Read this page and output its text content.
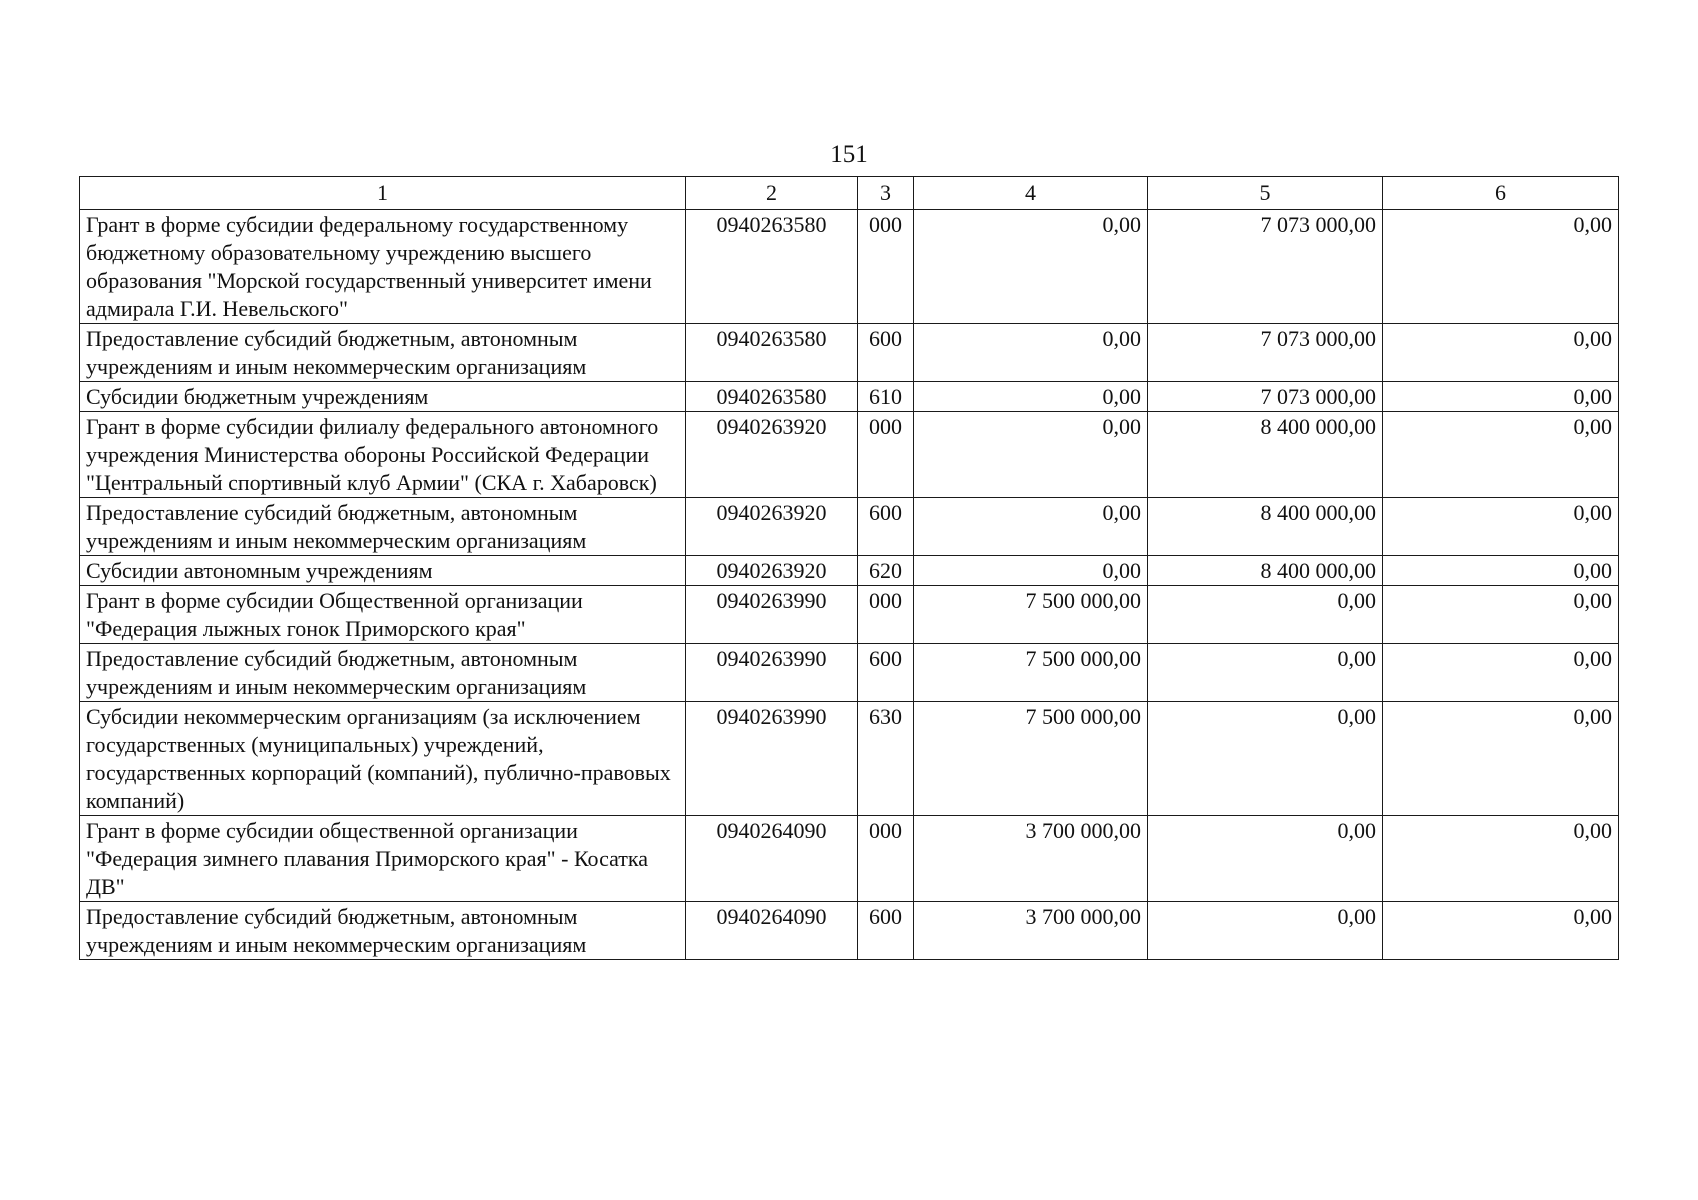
151
1	2	3	4	5	6
Грант в форме субсидии федеральному государственному бюджетному образовательному учреждению высшего образования "Морской государственный университет имени адмирала Г.И. Невельского"	0940263580	000	0,00	7 073 000,00	0,00
Предоставление субсидий бюджетным, автономным учреждениям и иным некоммерческим организациям	0940263580	600	0,00	7 073 000,00	0,00
Субсидии бюджетным учреждениям	0940263580	610	0,00	7 073 000,00	0,00
Грант в форме субсидии филиалу федерального автономного учреждения Министерства обороны Российской Федерации "Центральный спортивный клуб Армии" (СКА г. Хабаровск)	0940263920	000	0,00	8 400 000,00	0,00
Предоставление субсидий бюджетным, автономным учреждениям и иным некоммерческим организациям	0940263920	600	0,00	8 400 000,00	0,00
Субсидии автономным учреждениям	0940263920	620	0,00	8 400 000,00	0,00
Грант в форме субсидии Общественной организации "Федерация лыжных гонок Приморского края"	0940263990	000	7 500 000,00	0,00	0,00
Предоставление субсидий бюджетным, автономным учреждениям и иным некоммерческим организациям	0940263990	600	7 500 000,00	0,00	0,00
Субсидии некоммерческим организациям (за исключением государственных (муниципальных) учреждений, государственных корпораций (компаний), публично-правовых компаний)	0940263990	630	7 500 000,00	0,00	0,00
Грант в форме субсидии общественной организации "Федерация зимнего плавания Приморского края" - Косатка ДВ"	0940264090	000	3 700 000,00	0,00	0,00
Предоставление субсидий бюджетным, автономным учреждениям и иным некоммерческим организациям	0940264090	600	3 700 000,00	0,00	0,00
